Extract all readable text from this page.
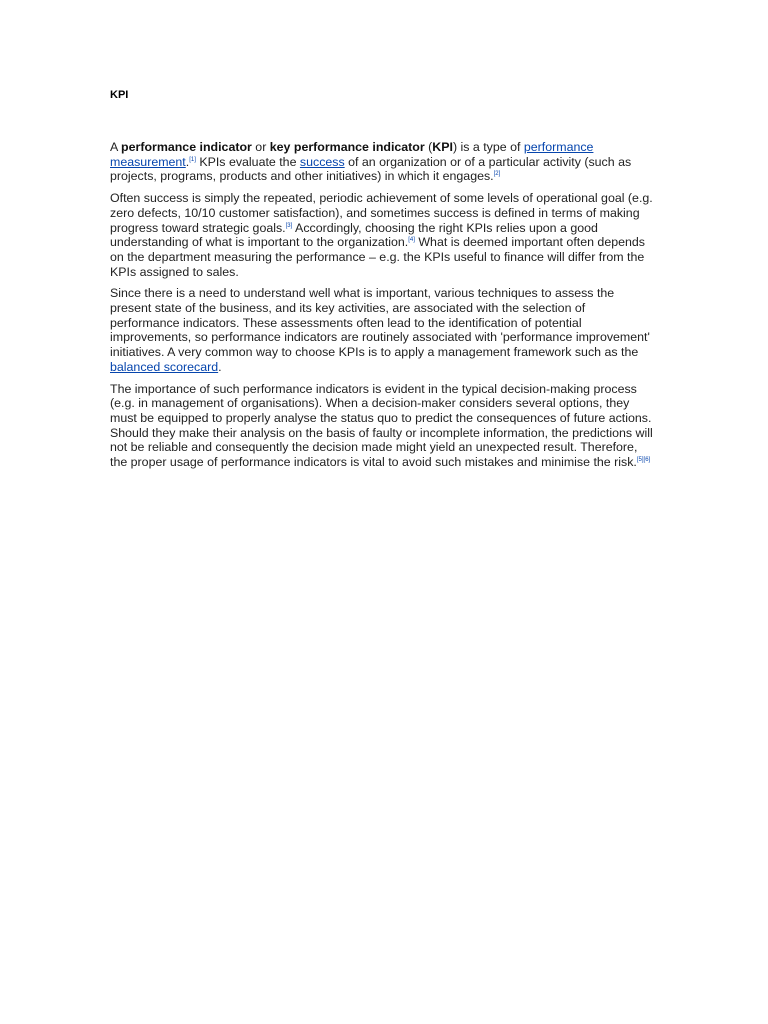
KPI

A performance indicator or key performance indicator (KPI) is a type of performance measurement.[1] KPIs evaluate the success of an organization or of a particular activity (such as projects, programs, products and other initiatives) in which it engages.[2]

Often success is simply the repeated, periodic achievement of some levels of operational goal (e.g. zero defects, 10/10 customer satisfaction), and sometimes success is defined in terms of making progress toward strategic goals.[3] Accordingly, choosing the right KPIs relies upon a good understanding of what is important to the organization.[4] What is deemed important often depends on the department measuring the performance – e.g. the KPIs useful to finance will differ from the KPIs assigned to sales.

Since there is a need to understand well what is important, various techniques to assess the present state of the business, and its key activities, are associated with the selection of performance indicators. These assessments often lead to the identification of potential improvements, so performance indicators are routinely associated with 'performance improvement' initiatives. A very common way to choose KPIs is to apply a management framework such as the balanced scorecard.

The importance of such performance indicators is evident in the typical decision-making process (e.g. in management of organisations). When a decision-maker considers several options, they must be equipped to properly analyse the status quo to predict the consequences of future actions. Should they make their analysis on the basis of faulty or incomplete information, the predictions will not be reliable and consequently the decision made might yield an unexpected result. Therefore, the proper usage of performance indicators is vital to avoid such mistakes and minimise the risk.[5][6]
